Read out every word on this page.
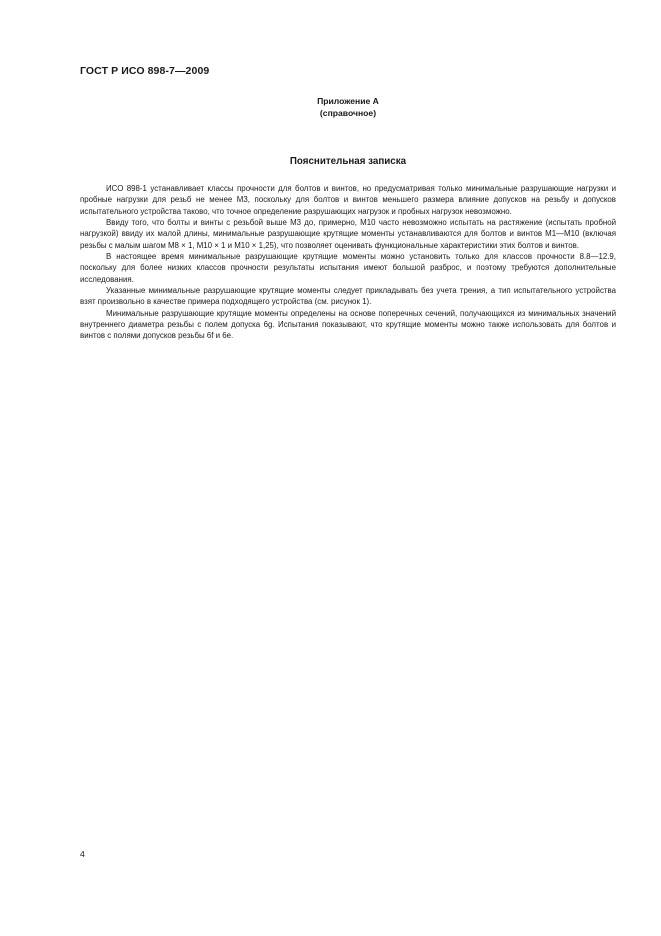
ГОСТ Р ИСО 898-7—2009
Приложение А
(справочное)
Пояснительная записка

ИСО 898-1 устанавливает классы прочности для болтов и винтов, но предусматривая только минимальные разрушающие нагрузки и пробные нагрузки для резьб не менее М3, поскольку для болтов и винтов меньшего размера влияние допусков на резьбу и допусков испытательного устройства таково, что точное определение разрушающих нагрузок и пробных нагрузок невозможно.

Ввиду того, что болты и винты с резьбой выше М3 до, примерно, М10 часто невозможно испытать на растяжение (испытать пробной нагрузкой) ввиду их малой длины, минимальные разрушающие крутящие моменты устанавливаются для болтов и винтов М1—М10 (включая резьбы с малым шагом М8 × 1, М10 × 1 и М10 × 1,25), что позволяет оценивать функциональные характеристики этих болтов и винтов.

В настоящее время минимальные разрушающие крутящие моменты можно установить только для классов прочности 8.8—12.9, поскольку для более низких классов прочности результаты испытания имеют большой разброс, и поэтому требуются дополнительные исследования.

Указанные минимальные разрушающие крутящие моменты следует прикладывать без учета трения, а тип испытательного устройства взят произвольно в качестве примера подходящего устройства (см. рисунок 1).

Минимальные разрушающие крутящие моменты определены на основе поперечных сечений, получающихся из минимальных значений внутреннего диаметра резьбы с полем допуска 6g. Испытания показывают, что крутящие моменты можно также использовать для болтов и винтов с полями допусков резьбы 6f и 6e.

4
